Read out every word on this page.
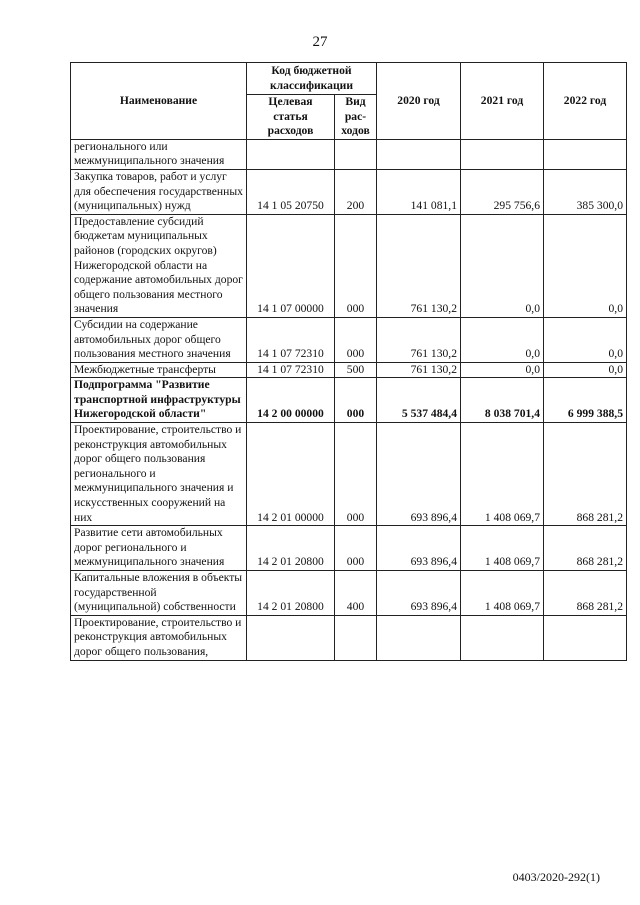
27
Наименование	Код бюджетной классификации		2020 год	2021 год	2022 год
	Целевая статья расходов	Вид рас-ходов			
регионального или межмуниципального значения					
Закупка товаров, работ и услуг для обеспечения государственных (муниципальных) нужд	14 1 05 20750	200	141 081,1	295 756,6	385 300,0
Предоставление субсидий бюджетам муниципальных районов (городских округов) Нижегородской области на содержание автомобильных дорог общего пользования местного значения	14 1 07 00000	000	761 130,2	0,0	0,0
Субсидии на содержание автомобильных дорог общего пользования местного значения	14 1 07 72310	000	761 130,2	0,0	0,0
Межбюджетные трансферты	14 1 07 72310	500	761 130,2	0,0	0,0
Подпрограмма "Развитие транспортной инфраструктуры Нижегородской области"	14 2 00 00000	000	5 537 484,4	8 038 701,4	6 999 388,5
Проектирование, строительство и реконструкция автомобильных дорог общего пользования регионального и межмуниципального значения и искусственных сооружений на них	14 2 01 00000	000	693 896,4	1 408 069,7	868 281,2
Развитие сети автомобильных дорог регионального и межмуниципального значения	14 2 01 20800	000	693 896,4	1 408 069,7	868 281,2
Капитальные вложения в объекты государственной (муниципальной) собственности	14 2 01 20800	400	693 896,4	1 408 069,7	868 281,2
Проектирование, строительство и реконструкция автомобильных дорог общего пользования,					
0403/2020-292(1)
